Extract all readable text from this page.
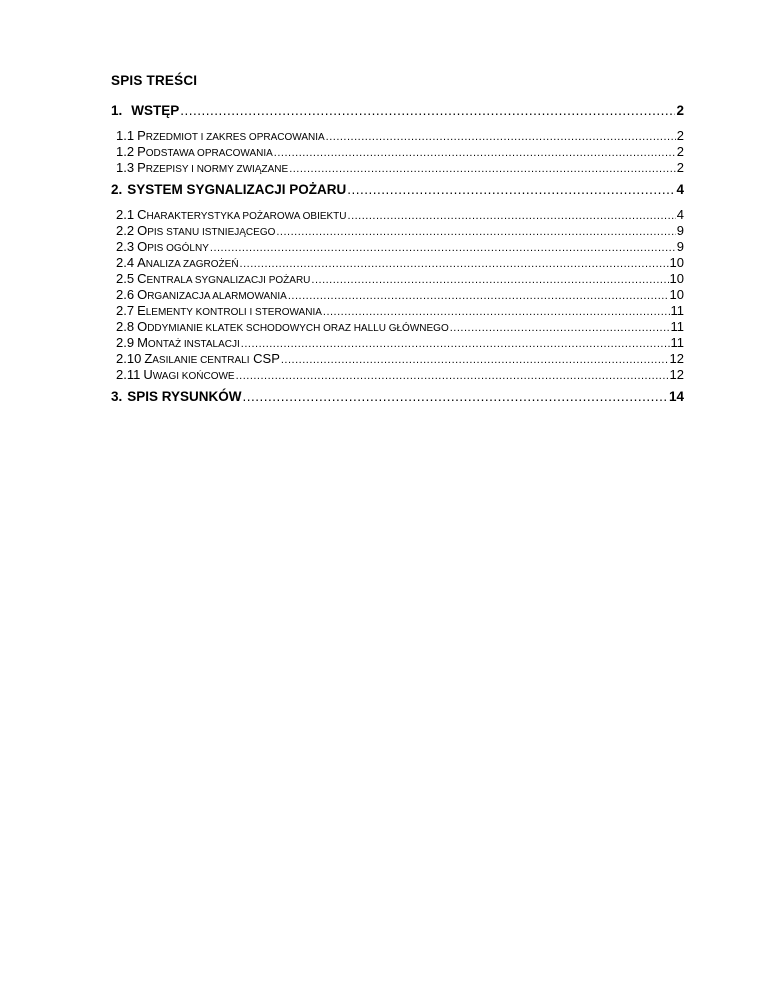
SPIS TREŚCI
1. WSTĘP .....	2
1.1 PRZEDMIOT I ZAKRES OPRACOWANIA .....	2
1.2 PODSTAWA OPRACOWANIA .....	2
1.3 PRZEPISY I NORMY ZWIĄZANE .....	2
2. SYSTEM SYGNALIZACJI POŻARU .....	4
2.1 CHARAKTERYSTYKA POŻAROWA OBIEKTU .....	4
2.2 OPIS STANU ISTNIEJĄCEGO .....	9
2.3 OPIS OGÓLNY .....	9
2.4 ANALIZA ZAGROŻEŃ .....	10
2.5 CENTRALA SYGNALIZACJI POŻARU .....	10
2.6 ORGANIZACJA ALARMOWANIA .....	10
2.7 ELEMENTY KONTROLI I STEROWANIA .....	11
2.8 ODDYMIANIE KLATEK SCHODOWYCH ORAZ HALLU GŁÓWNEGO .....	11
2.9 MONTAŻ INSTALACJI .....	11
2.10 ZASILANIE CENTRALI CSP .....	12
2.11 UWAGI KOŃCOWE .....	12
3. SPIS RYSUNKÓW .....	14
